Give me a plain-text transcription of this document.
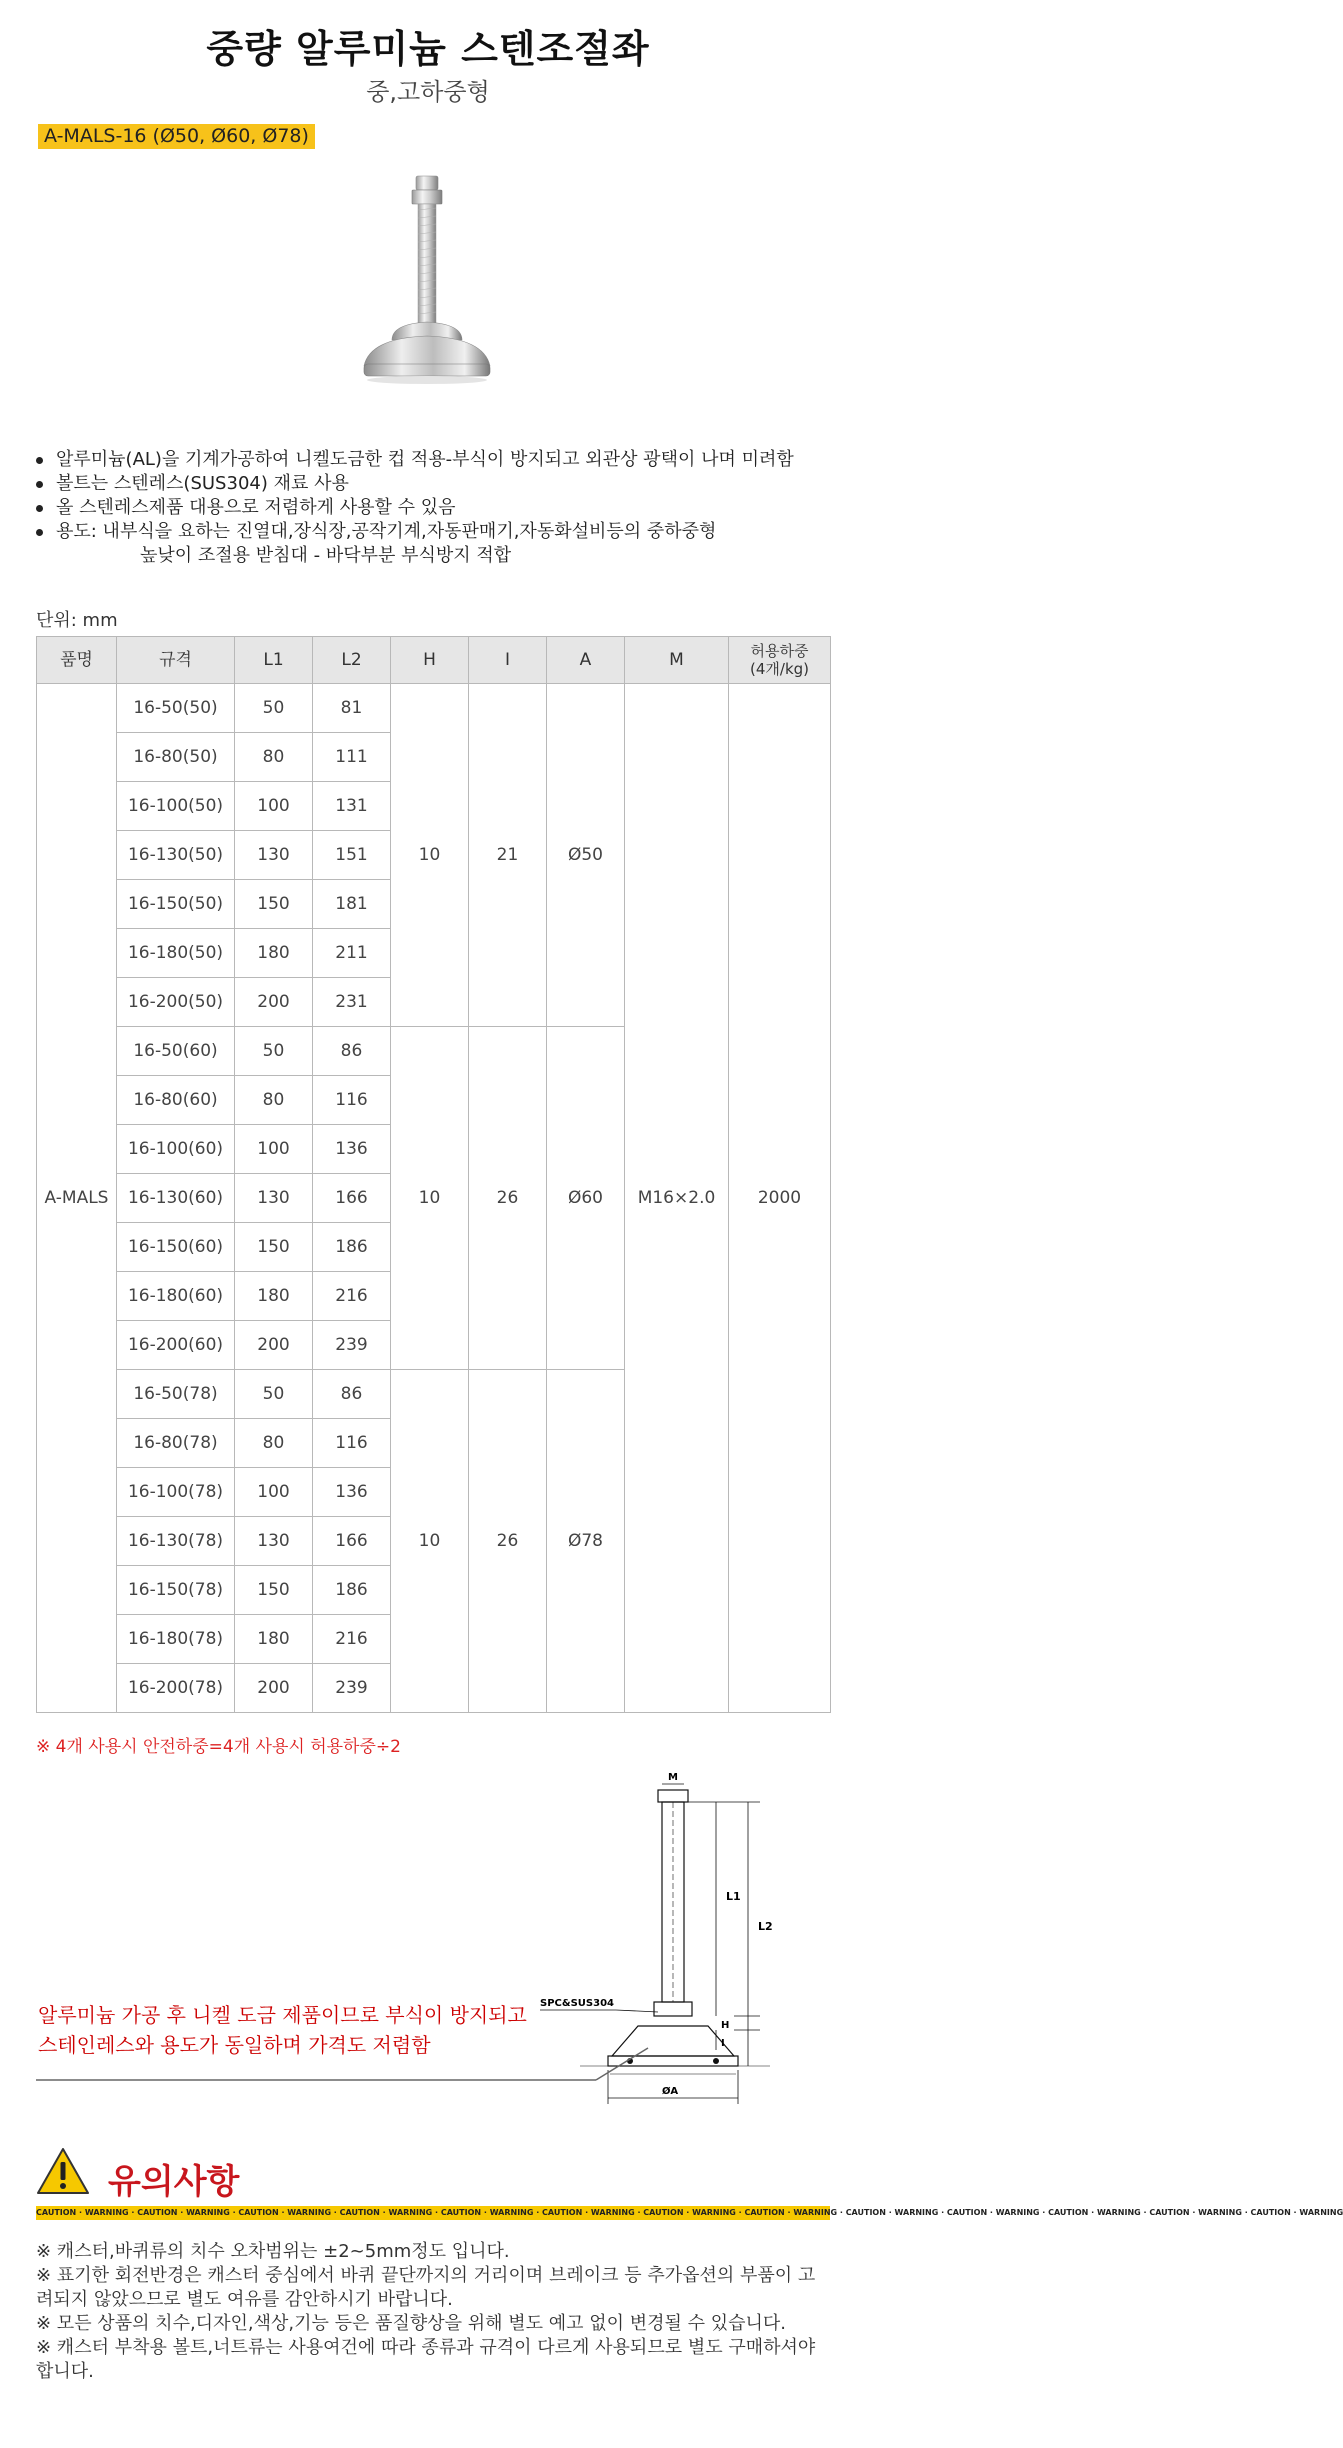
중량 알루미늄 스텐조절좌
중,고하중형
A-MALS-16 (Ø50, Ø60, Ø78)
알루미늄(AL)을 기계가공하여 니켈도금한 컵 적용-부식이 방지되고 외관상 광택이 나며 미려함
볼트는 스텐레스(SUS304) 재료 사용
올 스텐레스제품 대용으로 저렴하게 사용할 수 있음
용도: 내부식을 요하는 진열대,장식장,공작기계,자동판매기,자동화설비등의 중하중형
높낮이 조절용 받침대 - 바닥부분 부식방지 적합
단위: mm
품명	규격	L1	L2	H	I	A	M	허용하중
(4개/kg)
A-MALS	16-50(50)	50	81	10	21	Ø50	M16×2.0	2000
	16-80(50)	80	111					
	16-100(50)	100	131					
	16-130(50)	130	151					
	16-150(50)	150	181					
	16-180(50)	180	211					
	16-200(50)	200	231					
	16-50(60)	50	86	10	26	Ø60		
	16-80(60)	80	116					
	16-100(60)	100	136					
	16-130(60)	130	166					
	16-150(60)	150	186					
	16-180(60)	180	216					
	16-200(60)	200	239					
	16-50(78)	50	86	10	26	Ø78		
	16-80(78)	80	116					
	16-100(78)	100	136					
	16-130(78)	130	166					
	16-150(78)	150	186					
	16-180(78)	180	216					
	16-200(78)	200	239					
※ 4개 사용시 안전하중=4개 사용시 허용하중÷2
M
L1
L2
H
I
ØA
SPC&SUS304
알루미늄 가공 후 니켈 도금 제품이므로 부식이 방지되고
스테인레스와 용도가 동일하며 가격도 저렴함
유의사항
CAUTION · WARNING · CAUTION · WARNING · CAUTION · WARNING · CAUTION · WARNING · CAUTION · WARNING · CAUTION · WARNING · CAUTION · WARNING · CAUTION · WARNING · CAUTION · WARNING · CAUTION · WARNING · CAUTION · WARNING · CAUTION · WARNING · CAUTION · WARNING
※ 캐스터,바퀴류의 치수 오차범위는 ±2~5mm정도 입니다.
※ 표기한 회전반경은 캐스터 중심에서 바퀴 끝단까지의 거리이며 브레이크 등 추가옵션의 부품이 고려되지 않았으므로 별도 여유를 감안하시기 바랍니다.
※ 모든 상품의 치수,디자인,색상,기능 등은 품질향상을 위해 별도 예고 없이 변경될 수 있습니다.
※ 캐스터 부착용 볼트,너트류는 사용여건에 따라 종류과 규격이 다르게 사용되므로 별도 구매하셔야 합니다.
